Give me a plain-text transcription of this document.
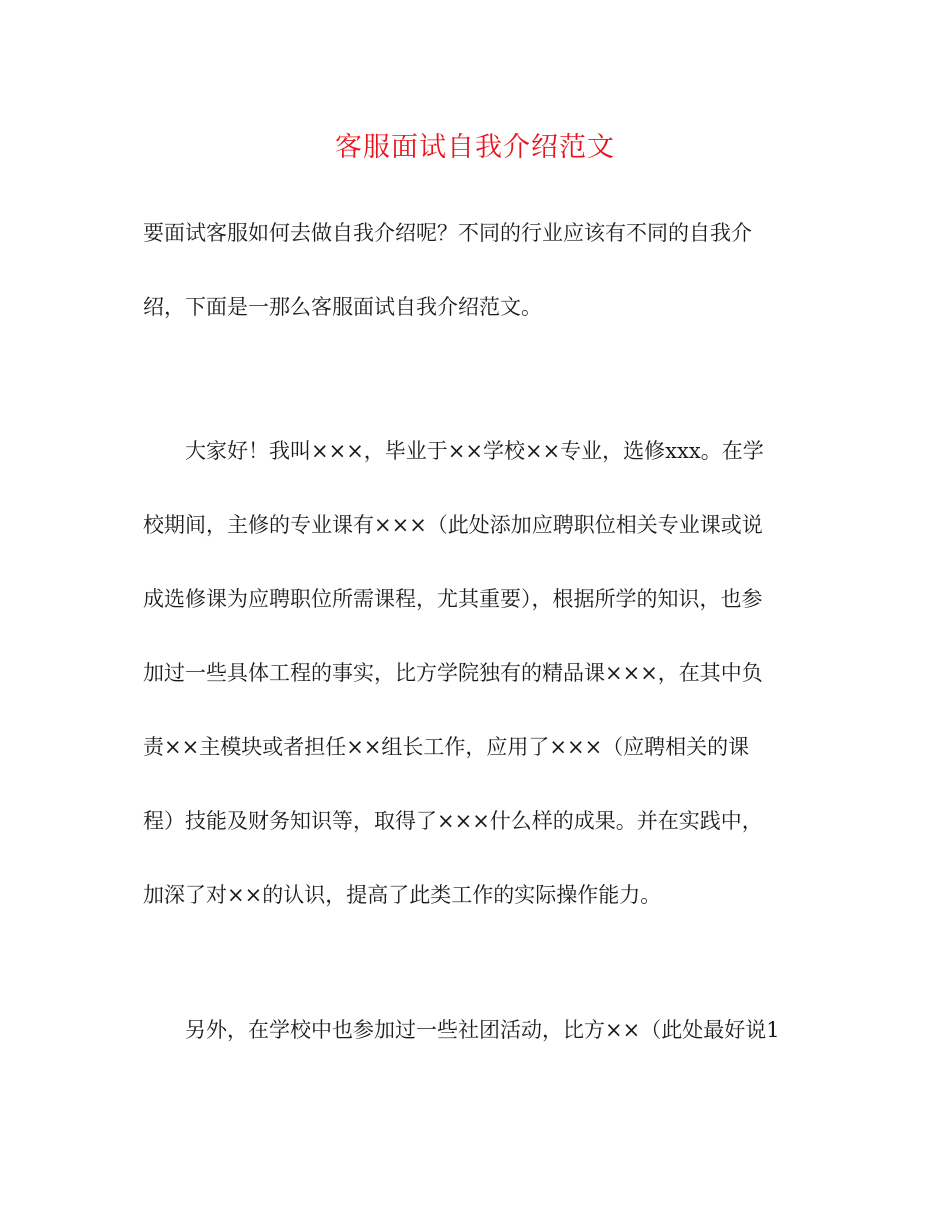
客服面试自我介绍范文

要面试客服如何去做自我介绍呢？不同的行业应该有不同的自我介
绍，下面是一那么客服面试自我介绍范文。

大家好！我叫×××，毕业于××学校××专业，选修xxx。在学
校期间，主修的专业课有×××（此处添加应聘职位相关专业课或说
成选修课为应聘职位所需课程，尤其重要），根据所学的知识，也参
加过一些具体工程的事实，比方学院独有的精品课×××，在其中负
责××主模块或者担任××组长工作，应用了×××（应聘相关的课
程）技能及财务知识等，取得了×××什么样的成果。并在实践中，
加深了对××的认识，提高了此类工作的实际操作能力。

另外，在学校中也参加过一些社团活动，比方××（此处最好说1
